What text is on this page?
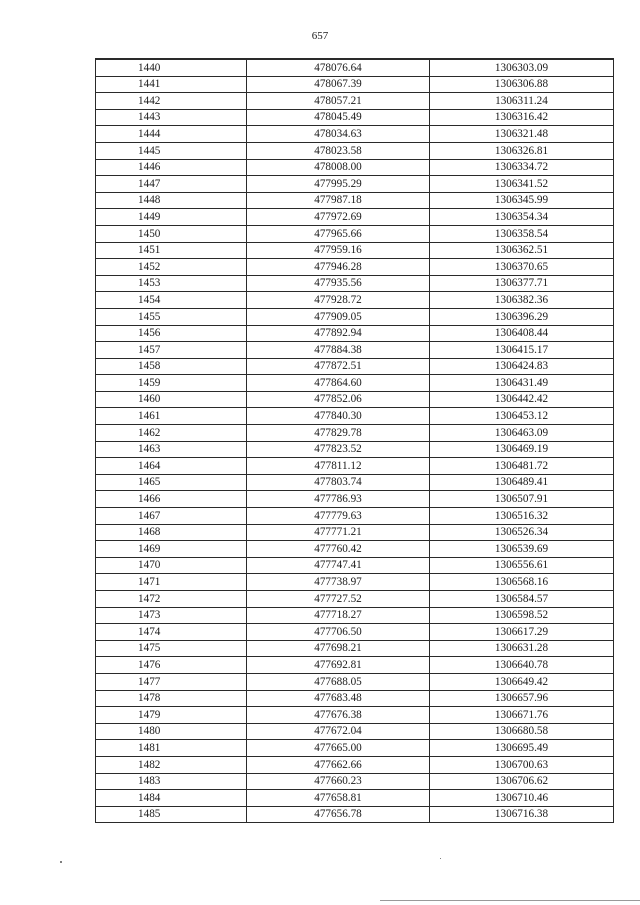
657
1440	478076.64	1306303.09
1441	478067.39	1306306.88
1442	478057.21	1306311.24
1443	478045.49	1306316.42
1444	478034.63	1306321.48
1445	478023.58	1306326.81
1446	478008.00	1306334.72
1447	477995.29	1306341.52
1448	477987.18	1306345.99
1449	477972.69	1306354.34
1450	477965.66	1306358.54
1451	477959.16	1306362.51
1452	477946.28	1306370.65
1453	477935.56	1306377.71
1454	477928.72	1306382.36
1455	477909.05	1306396.29
1456	477892.94	1306408.44
1457	477884.38	1306415.17
1458	477872.51	1306424.83
1459	477864.60	1306431.49
1460	477852.06	1306442.42
1461	477840.30	1306453.12
1462	477829.78	1306463.09
1463	477823.52	1306469.19
1464	477811.12	1306481.72
1465	477803.74	1306489.41
1466	477786.93	1306507.91
1467	477779.63	1306516.32
1468	477771.21	1306526.34
1469	477760.42	1306539.69
1470	477747.41	1306556.61
1471	477738.97	1306568.16
1472	477727.52	1306584.57
1473	477718.27	1306598.52
1474	477706.50	1306617.29
1475	477698.21	1306631.28
1476	477692.81	1306640.78
1477	477688.05	1306649.42
1478	477683.48	1306657.96
1479	477676.38	1306671.76
1480	477672.04	1306680.58
1481	477665.00	1306695.49
1482	477662.66	1306700.63
1483	477660.23	1306706.62
1484	477658.81	1306710.46
1485	477656.78	1306716.38
